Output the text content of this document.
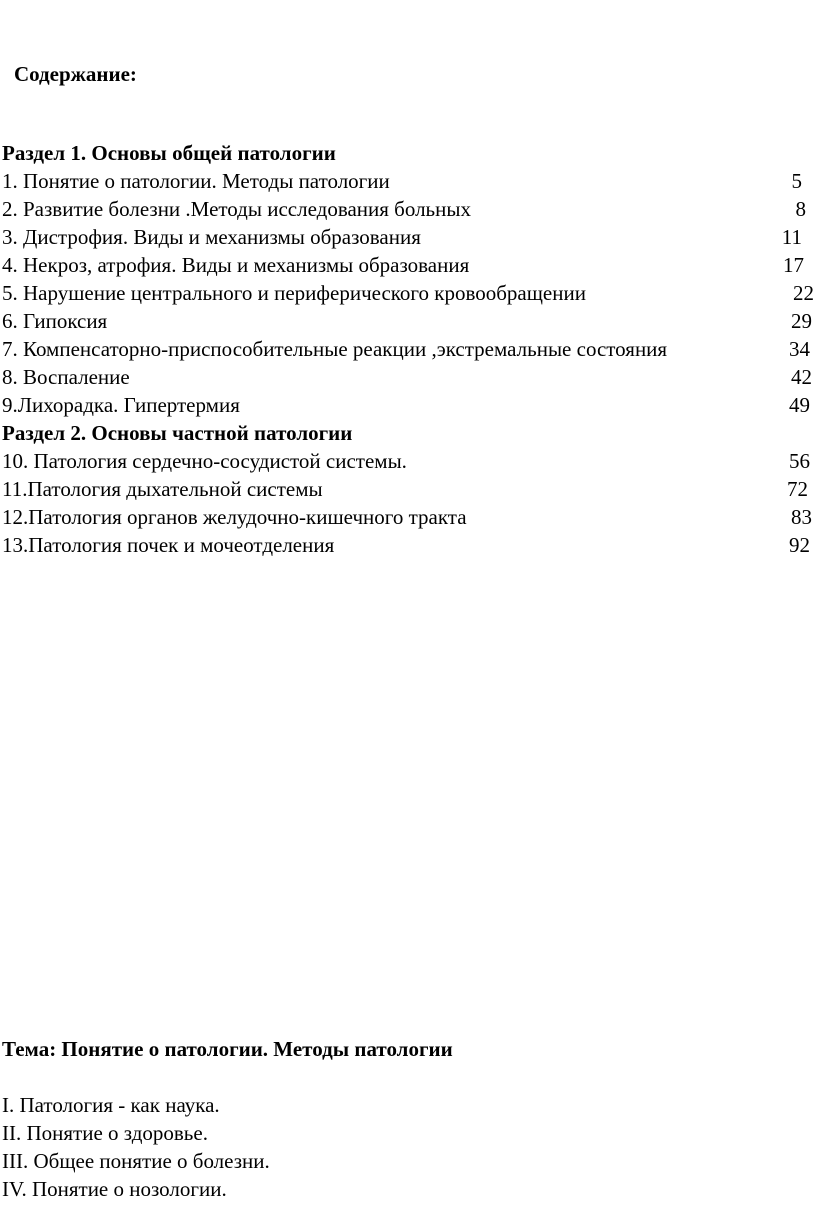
Содержание:
Раздел 1. Основы общей патологии
1. Понятие о патологии. Методы патологии	5
2. Развитие болезни .Методы исследования больных	8
3. Дистрофия. Виды и механизмы образования	11
4. Некроз, атрофия. Виды и механизмы образования	17
5. Нарушение центрального и периферического кровообращении	22
6. Гипоксия	29
7. Компенсаторно-приспособительные реакции ,экстремальные состояния	34
8. Воспаление	42
9.Лихорадка. Гипертермия	49
Раздел 2. Основы частной патологии
10. Патология сердечно-сосудистой системы.	56
11.Патология дыхательной системы	72
12.Патология органов желудочно-кишечного тракта	83
13.Патология почек и мочеотделения	92
Тема: Понятие о патологии. Методы патологии
I. Патология - как наука.
II. Понятие о здоровье.
III. Общее понятие о болезни.
IV. Понятие о нозологии.
